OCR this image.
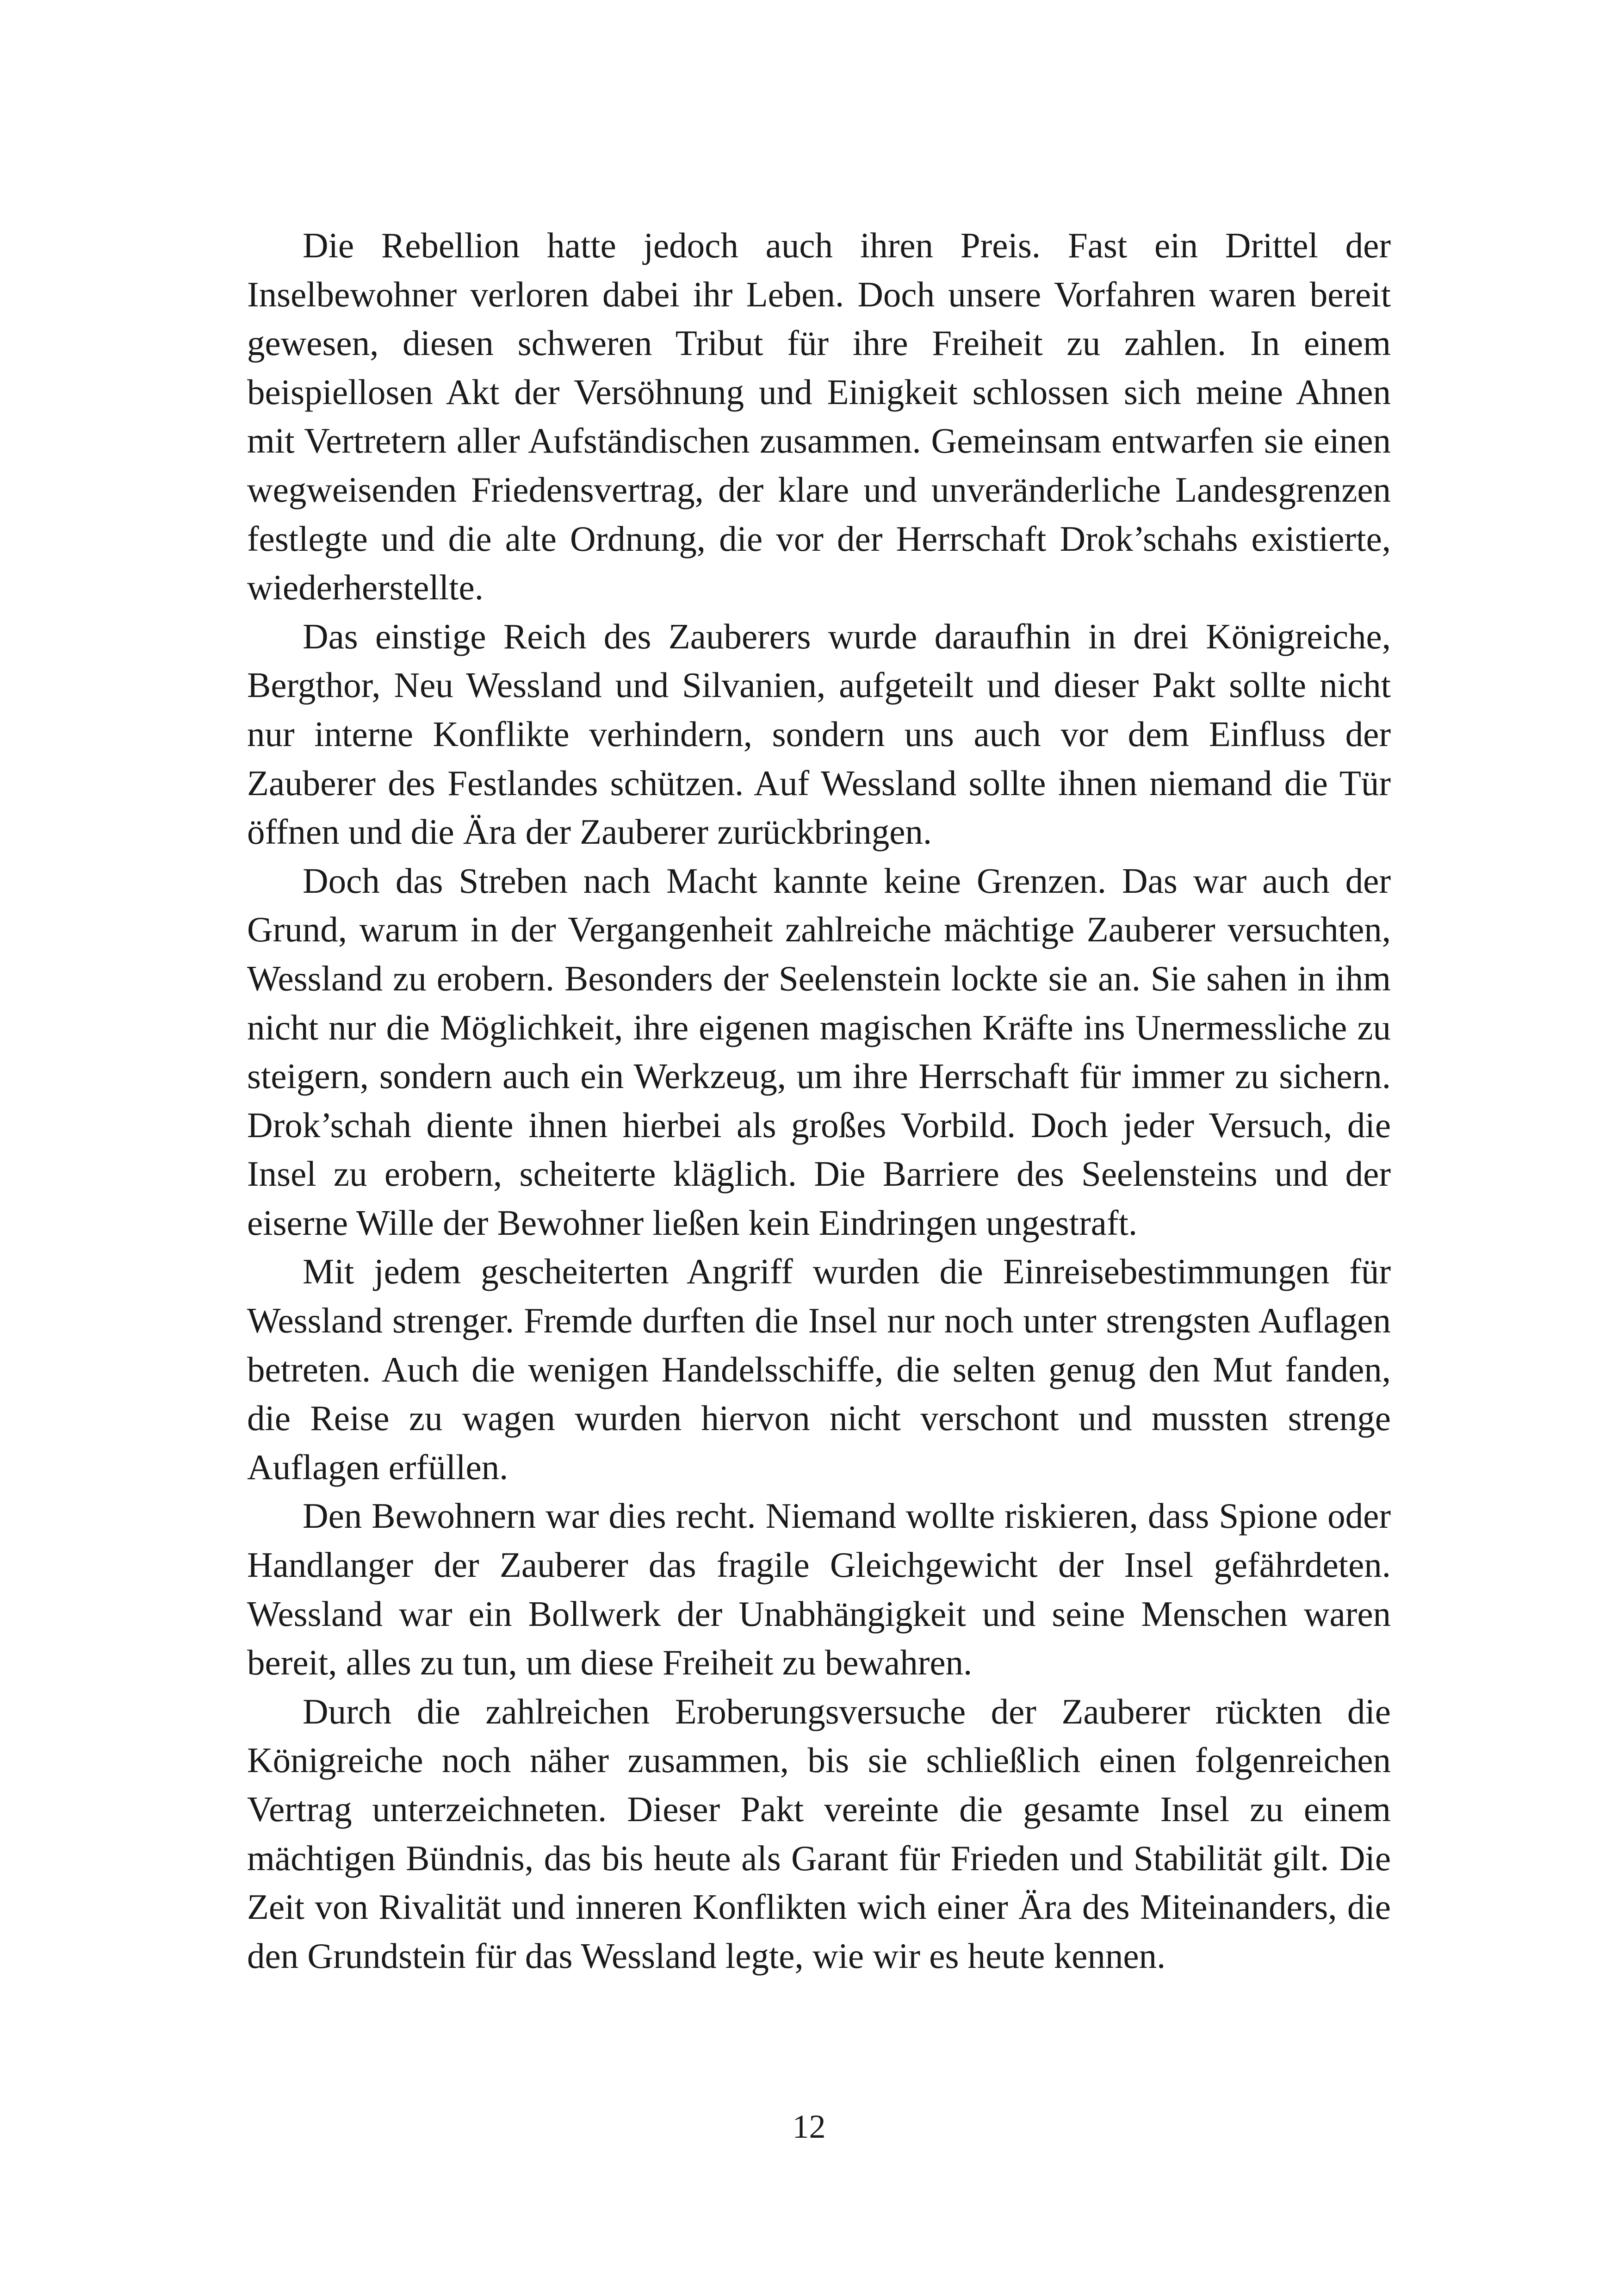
Die Rebellion hatte jedoch auch ihren Preis. Fast ein Drittel der Inselbewohner verloren dabei ihr Leben. Doch unsere Vorfahren waren bereit gewesen, diesen schweren Tribut für ihre Freiheit zu zahlen. In einem beispiellosen Akt der Versöhnung und Einigkeit schlossen sich meine Ahnen mit Vertretern aller Aufständischen zusammen. Gemeinsam entwarfen sie einen wegweisenden Friedensvertrag, der klare und unveränderliche Landesgrenzen festlegte und die alte Ordnung, die vor der Herrschaft Drok’schahs existierte, wiederherstellte.

Das einstige Reich des Zauberers wurde daraufhin in drei Königreiche, Bergthor, Neu Wessland und Silvanien, aufgeteilt und dieser Pakt sollte nicht nur interne Konflikte verhindern, sondern uns auch vor dem Einfluss der Zauberer des Festlandes schützen. Auf Wessland sollte ihnen niemand die Tür öffnen und die Ära der Zauberer zurückbringen.

Doch das Streben nach Macht kannte keine Grenzen. Das war auch der Grund, warum in der Vergangenheit zahlreiche mächtige Zauberer versuchten, Wessland zu erobern. Besonders der Seelenstein lockte sie an. Sie sahen in ihm nicht nur die Möglichkeit, ihre eigenen magischen Kräfte ins Unermessliche zu steigern, sondern auch ein Werkzeug, um ihre Herrschaft für immer zu sichern. Drok’schah diente ihnen hierbei als großes Vorbild. Doch jeder Versuch, die Insel zu erobern, scheiterte kläglich. Die Barriere des Seelensteins und der eiserne Wille der Bewohner ließen kein Eindringen ungestraft.

Mit jedem gescheiterten Angriff wurden die Einreisebestimmungen für Wessland strenger. Fremde durften die Insel nur noch unter strengsten Auflagen betreten. Auch die wenigen Handelsschiffe, die selten genug den Mut fanden, die Reise zu wagen wurden hiervon nicht verschont und mussten strenge Auflagen erfüllen.

Den Bewohnern war dies recht. Niemand wollte riskieren, dass Spione oder Handlanger der Zauberer das fragile Gleichgewicht der Insel gefährdeten. Wessland war ein Bollwerk der Unabhängigkeit und seine Menschen waren bereit, alles zu tun, um diese Freiheit zu bewahren.

Durch die zahlreichen Eroberungsversuche der Zauberer rückten die Königreiche noch näher zusammen, bis sie schließlich einen folgenreichen Vertrag unterzeichneten. Dieser Pakt vereinte die gesamte Insel zu einem mächtigen Bündnis, das bis heute als Garant für Frieden und Stabilität gilt. Die Zeit von Rivalität und inneren Konflikten wich einer Ära des Miteinanders, die den Grundstein für das Wessland legte, wie wir es heute kennen.

12
